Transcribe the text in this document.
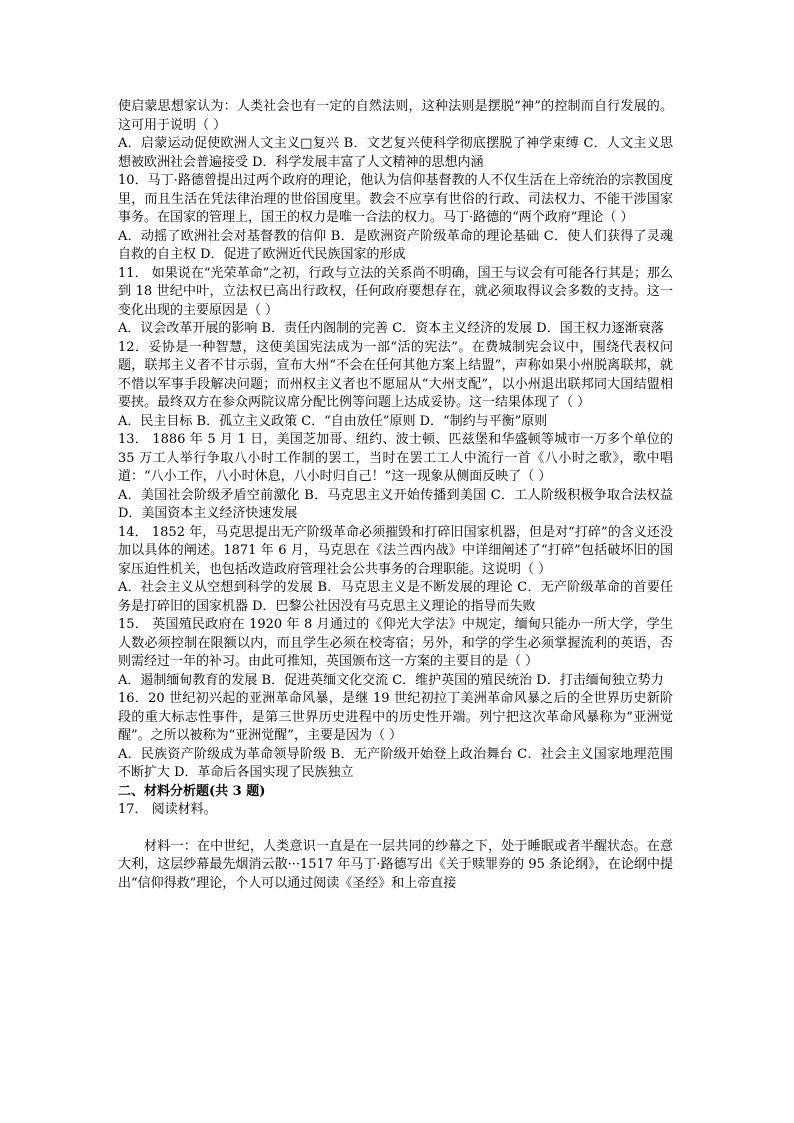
使启蒙思想家认为：人类社会也有一定的自然法则，这种法则是摆脱“神”的控制而自行发展的。这可用于说明（ ）

A．启蒙运动促使欧洲人文主义□复兴 B．文艺复兴使科学彻底摆脱了神学束缚 C．人文主义思想被欧洲社会普遍接受 D．科学发展丰富了人文精神的思想内涵

10．马丁·路德曾提出过两个政府的理论，他认为信仰基督教的人不仅生活在上帝统治的宗教国度里，而且生活在凭法律治理的世俗国度里。教会不应享有世俗的行政、司法权力、不能干涉国家事务。在国家的管理上，国王的权力是唯一合法的权力。马丁·路德的“两个政府”理论（ ）

A．动摇了欧洲社会对基督教的信仰 B．是欧洲资产阶级革命的理论基础 C．使人们获得了灵魂自救的自主权 D．促进了欧洲近代民族国家的形成

11． 如果说在“光荣革命”之初，行政与立法的关系尚不明确，国王与议会有可能各行其是；那么到 18 世纪中叶，立法权已高出行政权，任何政府要想存在，就必须取得议会多数的支持。这一变化出现的主要原因是（ ）

A．议会改革开展的影响 B．责任内阁制的完善 C．资本主义经济的发展 D．国王权力逐渐衰落

12．妥协是一种智慧，这使美国宪法成为一部“活的宪法”。在费城制宪会议中，围绕代表权问题，联邦主义者不甘示弱，宣布大州“不会在任何其他方案上结盟”，声称如果小州脱离联邦，就不惜以军事手段解决问题；而州权主义者也不愿屈从“大州支配”，以小州退出联邦同大国结盟相要挟。最终双方在参众两院议席分配比例等问题上达成妥协。这一结果体现了（ ）

A．民主目标 B．孤立主义政策 C．“自由放任”原则 D．“制约与平衡”原则

13． 1886 年 5 月 1 日，美国芝加哥、纽约、波士顿、匹兹堡和华盛顿等城市一万多个单位的 35 万工人举行争取八小时工作制的罢工，当时在罢工工人中流行一首《八小时之歌》，歌中唱道：“八小工作，八小时休息，八小时归自己！”这一现象从侧面反映了（ ）

A．美国社会阶级矛盾空前激化 B．马克思主义开始传播到美国 C．工人阶级积极争取合法权益 D．美国资本主义经济快速发展

14． 1852 年，马克思提出无产阶级革命必须摧毁和打碎旧国家机器，但是对“打碎”的含义还没加以具体的阐述。1871 年 6 月，马克思在《法兰西内战》中详细阐述了“打碎”包括破坏旧的国家压迫性机关，也包括改造政府管理社会公共事务的合理职能。这说明（ ）

A．社会主义从空想到科学的发展 B．马克思主义是不断发展的理论 C．无产阶级革命的首要任务是打碎旧的国家机器 D．巴黎公社因没有马克思主义理论的指导而失败

15． 英国殖民政府在 1920 年 8 月通过的《仰光大学法》中规定，缅甸只能办一所大学，学生人数必须控制在限额以内，而且学生必须在校寄宿；另外，和学的学生必须掌握流利的英语，否则需经过一年的补习。由此可推知，英国颁布这一方案的主要目的是（ ）

A．遏制缅甸教育的发展 B．促进英缅文化交流 C．维护英国的殖民统治 D．打击缅甸独立势力

16．20 世纪初兴起的亚洲革命风暴，是继 19 世纪初拉丁美洲革命风暴之后的全世界历史新阶段的重大标志性事件，是第三世界历史进程中的历史性开端。列宁把这次革命风暴称为“亚洲觉醒”。之所以被称为“亚洲觉醒”，主要是因为（ ）

A．民族资产阶级成为革命领导阶级 B．无产阶级开始登上政治舞台 C．社会主义国家地理范围不断扩大 D．革命后各国实现了民族独立

二、材料分析题(共 3 题)

17． 阅读材料。

材料一：在中世纪，人类意识一直是在一层共同的纱幕之下，处于睡眠或者半醒状态。在意大利，这层纱幕最先烟消云散···1517 年马丁·路德写出《关于赎罪券的 95 条论纲》，在论纲中提出“信仰得救”理论，个人可以通过阅读《圣经》和上帝直接
